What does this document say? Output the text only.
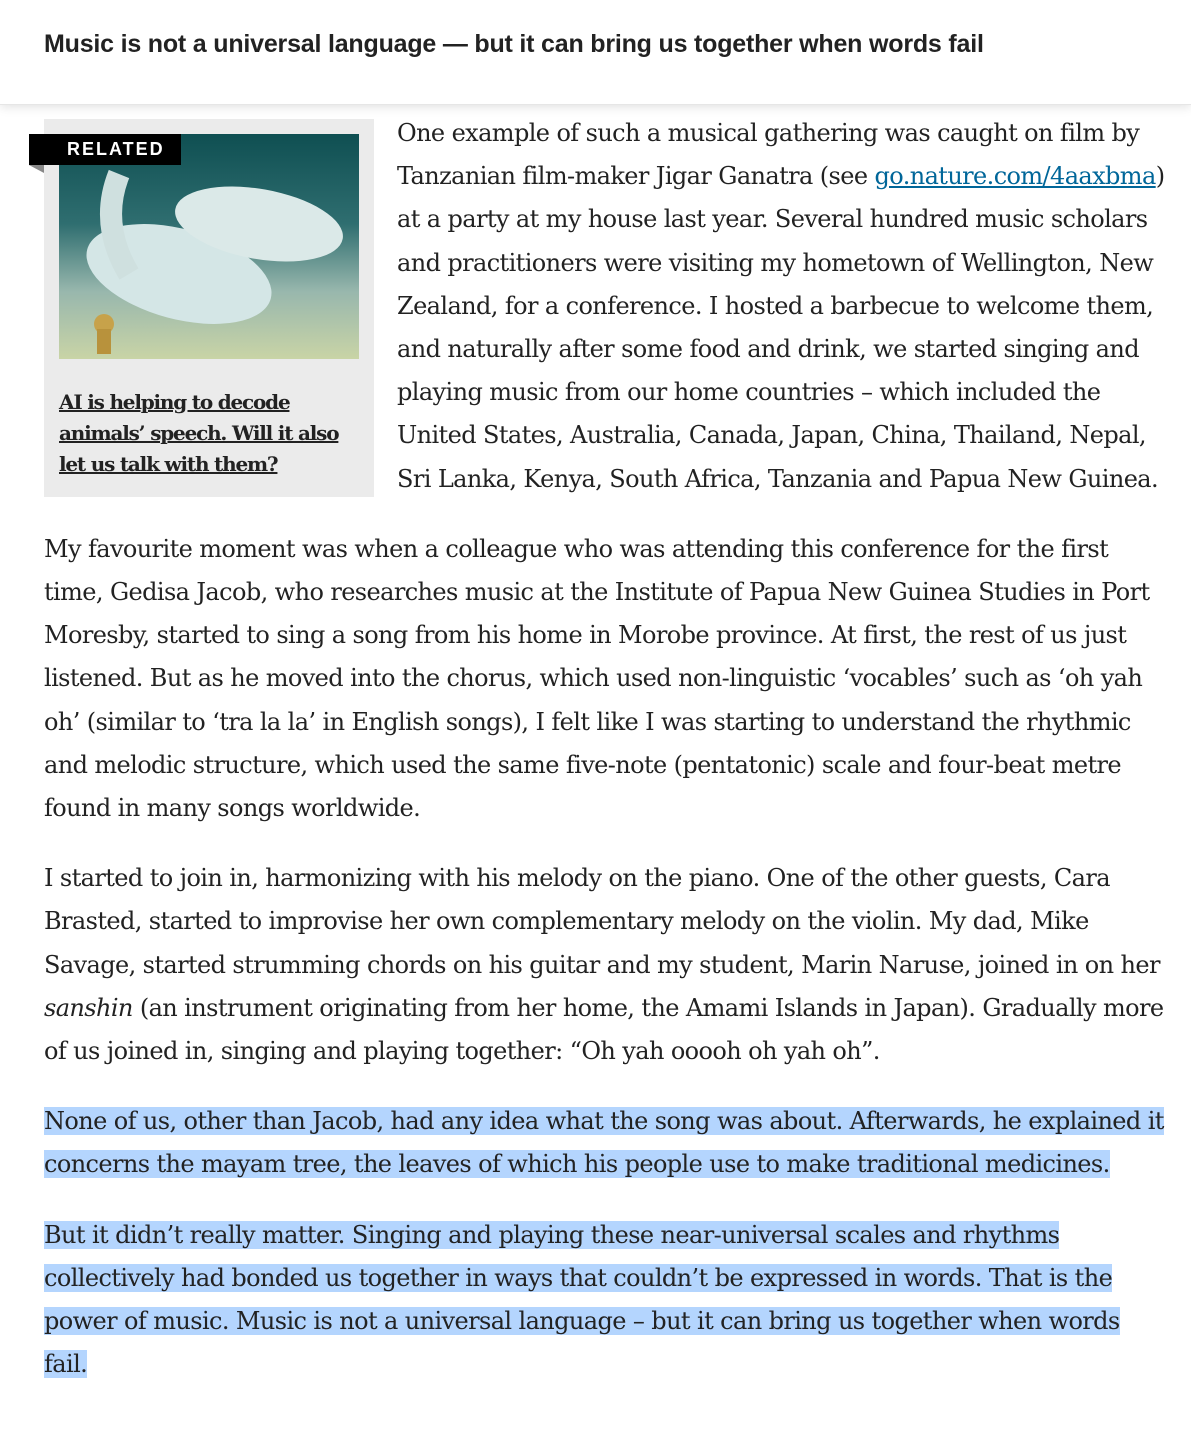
Music is not a universal language — but it can bring us together when words fail
RELATED
AI is helping to decode animals’ speech. Will it also let us talk with them?

One example of such a musical gathering was caught on film by Tanzanian film-maker Jigar Ganatra (see go.nature.com/4aaxbma) at a party at my house last year. Several hundred music scholars and practitioners were visiting my hometown of Wellington, New Zealand, for a conference. I hosted a barbecue to welcome them, and naturally after some food and drink, we started singing and playing music from our home countries – which included the United States, Australia, Canada, Japan, China, Thailand, Nepal, Sri Lanka, Kenya, South Africa, Tanzania and Papua New Guinea.

My favourite moment was when a colleague who was attending this conference for the first time, Gedisa Jacob, who researches music at the Institute of Papua New Guinea Studies in Port Moresby, started to sing a song from his home in Morobe province. At first, the rest of us just listened. But as he moved into the chorus, which used non-linguistic ‘vocables’ such as ‘oh yah oh’ (similar to ‘tra la la’ in English songs), I felt like I was starting to understand the rhythmic and melodic structure, which used the same five-note (pentatonic) scale and four-beat metre found in many songs worldwide.

I started to join in, harmonizing with his melody on the piano. One of the other guests, Cara Brasted, started to improvise her own complementary melody on the violin. My dad, Mike Savage, started strumming chords on his guitar and my student, Marin Naruse, joined in on her sanshin (an instrument originating from her home, the Amami Islands in Japan). Gradually more of us joined in, singing and playing together: “Oh yah ooooh oh yah oh”.

None of us, other than Jacob, had any idea what the song was about. Afterwards, he explained it concerns the mayam tree, the leaves of which his people use to make traditional medicines.

But it didn’t really matter. Singing and playing these near-universal scales and rhythms collectively had bonded us together in ways that couldn’t be expressed in words. That is the power of music. Music is not a universal language – but it can bring us together when words fail.
